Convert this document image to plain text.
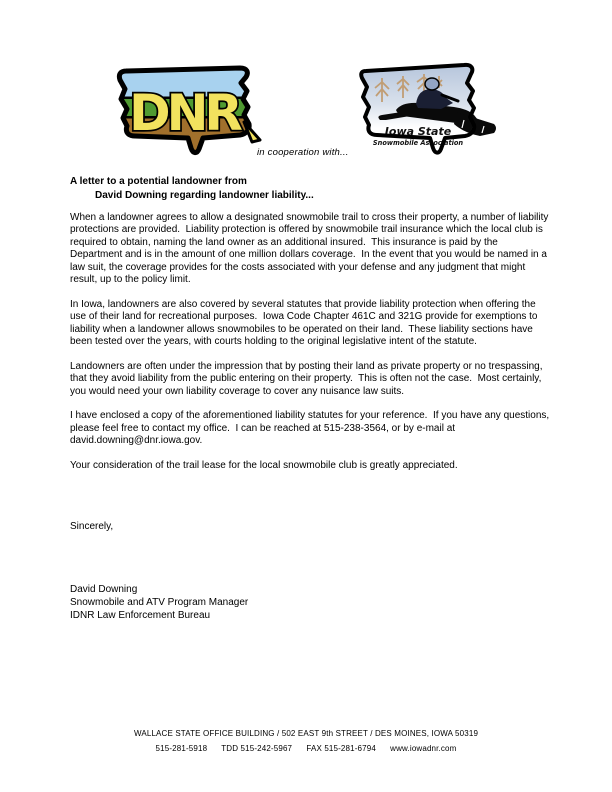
DNR
in cooperation with...
Iowa State
Snowmobile Association
A letter to a potential landowner from
David Downing regarding landowner liability...

When a landowner agrees to allow a designated snowmobile trail to cross their property, a number of liability protections are provided.  Liability protection is offered by snowmobile trail insurance which the local club is required to obtain, naming the land owner as an additional insured.  This insurance is paid by the Department and is in the amount of one million dollars coverage.  In the event that you would be named in a law suit, the coverage provides for the costs associated with your defense and any judgment that might result, up to the policy limit.

In Iowa, landowners are also covered by several statutes that provide liability protection when offering the use of their land for recreational purposes.  Iowa Code Chapter 461C and 321G provide for exemptions to liability when a landowner allows snowmobiles to be operated on their land.  These liability sections have been tested over the years, with courts holding to the original legislative intent of the statute.

Landowners are often under the impression that by posting their land as private property or no trespassing, that they avoid liability from the public entering on their property.  This is often not the case.  Most certainly, you would need your own liability coverage to cover any nuisance law suits.

I have enclosed a copy of the aforementioned liability statutes for your reference.  If you have any questions, please feel free to contact my office.  I can be reached at 515-238-3564, or by e-mail at david.downing@dnr.iowa.gov.

Your consideration of the trail lease for the local snowmobile club is greatly appreciated.

Sincerely,
David Downing
Snowmobile and ATV Program Manager
IDNR Law Enforcement Bureau
WALLACE STATE OFFICE BUILDING / 502 EAST 9th STREET / DES MOINES, IOWA 50319
515-281-5918      TDD 515-242-5967      FAX 515-281-6794      www.iowadnr.com
